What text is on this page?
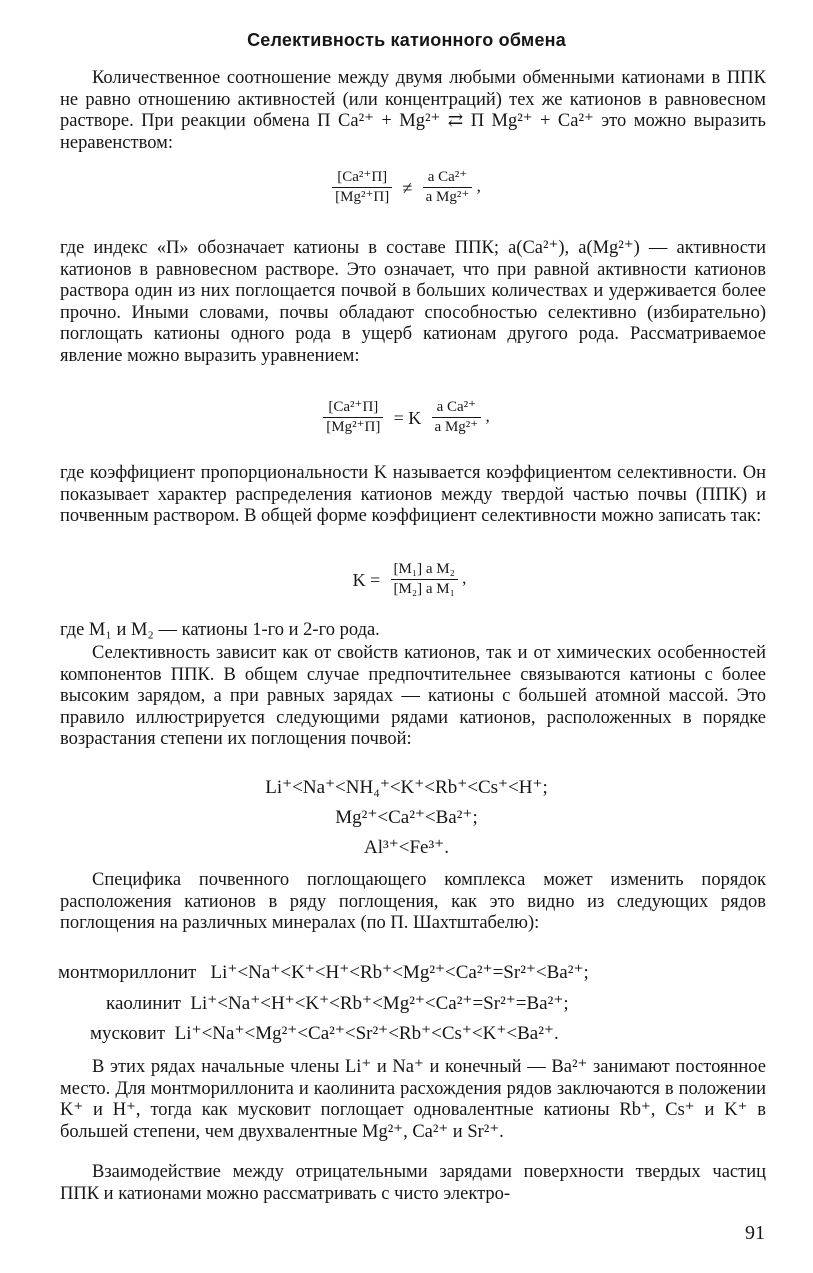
Селективность катионного обмена
Количественное соотношение между двумя любыми обменными катионами в ППК не равно отношению активностей (или концентраций) тех же катионов в равновесном растворе. При реакции обмена П Ca²⁺ + Mg²⁺ ⇄ П Mg²⁺ + Ca²⁺ это можно выразить неравенством:
$\frac{\text{[Ca²⁺П]}}{\text{[Mg²⁺П]}} \ne \frac{\text{a Ca²⁺}}{\text{a Mg²⁺}}$ ,
где индекс «П» обозначает катионы в составе ППК; a(Ca²⁺), a(Mg²⁺) — активности катионов в равновесном растворе. Это означает, что при равной активности катионов раствора один из них поглощается почвой в больших количествах и удерживается более прочно. Иными словами, почвы обладают способностью селективно (избирательно) поглощать катионы одного рода в ущерб катионам другого рода. Рассматриваемое явление можно выразить уравнением:
$\frac{\text{[Ca²⁺П]}}{\text{[Mg²⁺П]}} = K \frac{\text{a Ca²⁺}}{\text{a Mg²⁺}}$ ,
где коэффициент пропорциональности K называется коэффициентом селективности. Он показывает характер распределения катионов между твердой частью почвы (ППК) и почвенным раствором. В общей форме коэффициент селективности можно записать так:
$K = \frac{\text{[M₁] a M₂}}{\text{[M₂] a M₁}}$ ,
где M₁ и M₂ — катионы 1-го и 2-го рода.
Селективность зависит как от свойств катионов, так и от химических особенностей компонентов ППК. В общем случае предпочтительнее связываются катионы с более высоким зарядом, а при равных зарядах — катионы с большей атомной массой. Это правило иллюстрируется следующими рядами катионов, расположенных в порядке возрастания степени их поглощения почвой:
Li⁺<Na⁺<NH₄⁺<K⁺<Rb⁺<Cs⁺<H⁺;
Mg²⁺<Ca²⁺<Ba²⁺;
Al³⁺<Fe³⁺.
Специфика почвенного поглощающего комплекса может изменить порядок расположения катионов в ряду поглощения, как это видно из следующих рядов поглощения на различных минералах (по П. Шахтштабелю):
монтмориллонит Li⁺<Na⁺<K⁺<H⁺<Rb⁺<Mg²⁺<Ca²⁺=Sr²⁺<Ba²⁺;
каолинит Li⁺<Na⁺<H⁺<K⁺<Rb⁺<Mg²⁺<Ca²⁺=Sr²⁺=Ba²⁺;
мусковит Li⁺<Na⁺<Mg²⁺<Ca²⁺<Sr²⁺<Rb⁺<Cs⁺<K⁺<Ba²⁺.
В этих рядах начальные члены Li⁺ и Na⁺ и конечный — Ba²⁺ занимают постоянное место. Для монтмориллонита и каолинита расхождения рядов заключаются в положении K⁺ и H⁺, тогда как мусковит поглощает одновалентные катионы Rb⁺, Cs⁺ и K⁺ в большей степени, чем двухвалентные Mg²⁺, Ca²⁺ и Sr²⁺.
Взаимодействие между отрицательными зарядами поверхности твердых частиц ППК и катионами можно рассматривать с чисто электро-
91
